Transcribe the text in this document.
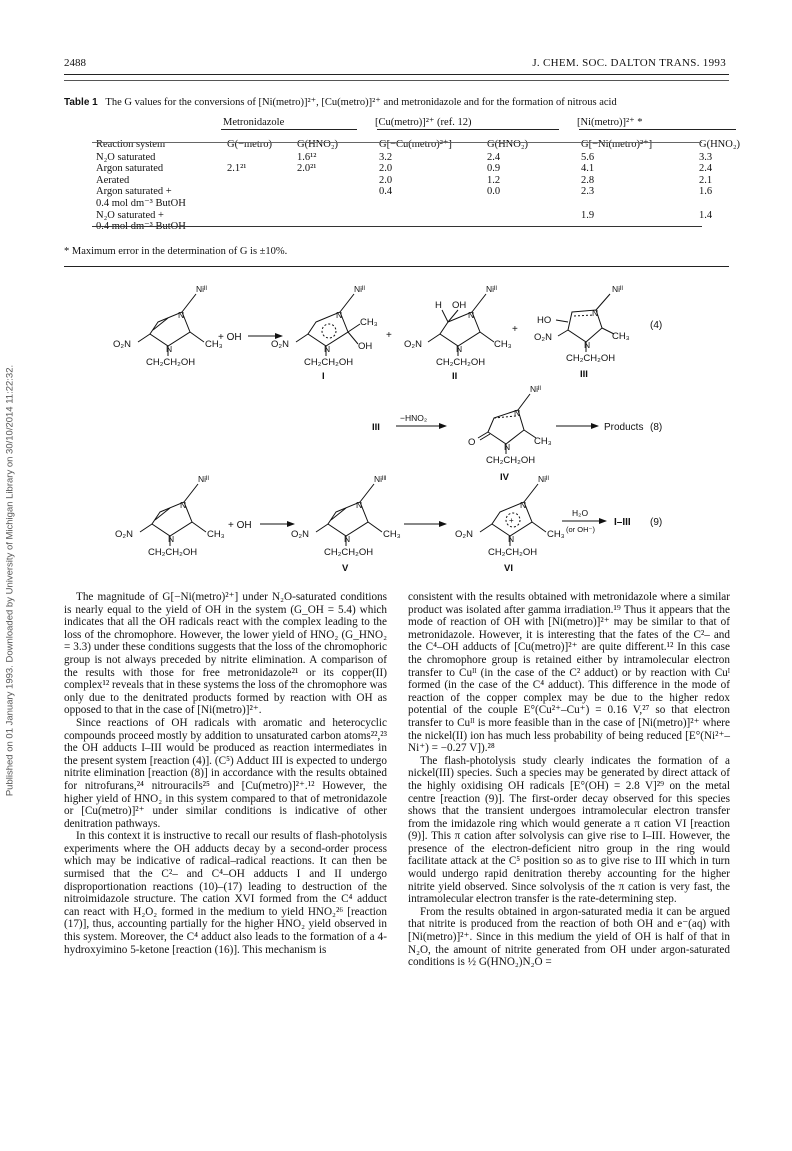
2488	J. CHEM. SOC. DALTON TRANS. 1993
Published on 01 January 1993. Downloaded by University of Michigan Library on 30/10/2014 11:22:32.
Table 1 The G values for the conversions of [Ni(metro)]²⁺, [Cu(metro)]²⁺ and metronidazole and for the formation of nitrous acid
	Metronidazole		[Cu(metro)]²⁺ (ref. 12)		[Ni(metro)]²⁺ *	

Reaction system	G(−metro)	G(HNO₂)	G[−Cu(metro)²⁺]	G(HNO₂)	G[−Ni(metro)²⁺]	G(HNO₂)
N₂O saturated		1.6¹²	3.2	2.4	5.6	3.3
Argon saturated	2.1²¹	2.0²¹	2.0	0.9	4.1	2.4
Aerated			2.0	1.2	2.8	2.1
Argon saturated +			0.4	0.0	2.3	1.6
0.4 mol dm⁻³ ButOH						
N₂O saturated +					1.9	1.4
0.4 mol dm⁻³ ButOH						
* Maximum error in the determination of G is ±10%.
Niᴵᴵ
N
N	CH₃
O₂N
CH₂CH₂OH
+ OH
Niᴵᴵ
N
N
CH₃
OH
O₂N
CH₂CH₂OH
I
+
H OH
Niᴵᴵ
N
N	CH₃
O₂N
CH₂CH₂OH
II
+
Niᴵᴵ
N
N
HO
CH₃
O₂N
CH₂CH₂OH
III
(4)
III
−HNO₂
Niᴵᴵ
N
N
O	CH₃
CH₂CH₂OH
IV
Products (8)
Niᴵᴵ
N
N	CH₃
O₂N
CH₂CH₂OH
+ OH
Niᴵᴵᴵ
N
N	CH₃
O₂N
CH₂CH₂OH
V
+
Niᴵᴵ
N
N	CH₃
O₂N
CH₂CH₂OH
VI
H₂O
(or OH⁻)
I–III (9)

The magnitude of G[−Ni(metro)²⁺] under N₂O-saturated conditions is nearly equal to the yield of OH in the system (G_OH = 5.4) which indicates that all the OH radicals react with the complex leading to the loss of the chromophore. However, the lower yield of HNO₂ (G_HNO₂ = 3.3) under these conditions suggests that the loss of the chromophoric group is not always preceded by nitrite elimination. A comparison of the results with those for free metronidazole²¹ or its copper(II) complex¹² reveals that in these systems the loss of the chromophore was only due to the denitrated products formed by reaction with OH as opposed to that in the case of [Ni(metro)]²⁺.

Since reactions of OH radicals with aromatic and heterocyclic compounds proceed mostly by addition to unsaturated carbon atoms²²,²³ the OH adducts I–III would be produced as reaction intermediates in the present system [reaction (4)]. (C⁵) Adduct III is expected to undergo nitrite elimination [reaction (8)] in accordance with the results obtained for nitrofurans,²⁴ nitrouracils²⁵ and [Cu(metro)]²⁺.¹² However, the higher yield of HNO₂ in this system compared to that of metronidazole or [Cu(metro)]²⁺ under similar conditions is indicative of other denitration pathways.

In this context it is instructive to recall our results of flash-photolysis experiments where the OH adducts decay by a second-order process which may be indicative of radical–radical reactions. It can then be surmised that the C²– and C⁴–OH adducts I and II undergo disproportionation reactions (10)–(17) leading to destruction of the nitroimidazole structure. The cation XVI formed from the C⁴ adduct can react with H₂O₂ formed in the medium to yield HNO₂²⁶ [reaction (17)], thus, accounting partially for the higher HNO₂ yield observed in this system. Moreover, the C⁴ adduct also leads to the formation of a 4-hydroxyimino 5-ketone [reaction (16)]. This mechanism is

consistent with the results obtained with metronidazole where a similar product was isolated after gamma irradiation.¹⁹ Thus it appears that the mode of reaction of OH with [Ni(metro)]²⁺ may be similar to that of metronidazole. However, it is interesting that the fates of the C²– and the C⁴–OH adducts of [Cu(metro)]²⁺ are quite different.¹² In this case the chromophore group is retained either by intramolecular electron transfer to Cuᴵᴵ (in the case of the C² adduct) or by reaction with Cuᴵ formed (in the case of the C⁴ adduct). This difference in the mode of reaction of the copper complex may be due to the higher redox potential of the couple E°(Cu²⁺–Cu⁺) = 0.16 V,²⁷ so that electron transfer to Cuᴵᴵ is more feasible than in the case of [Ni(metro)]²⁺ where the nickel(II) ion has much less probability of being reduced [E°(Ni²⁺–Ni⁺) = −0.27 V]).²⁸

The flash-photolysis study clearly indicates the formation of a nickel(III) species. Such a species may be generated by direct attack of the highly oxidising OH radicals [E°(OH) = 2.8 V]²⁹ on the metal centre [reaction (9)]. The first-order decay observed for this species shows that the transient undergoes intramolecular electron transfer from the imidazole ring which would generate a π cation VI [reaction (9)]. This π cation after solvolysis can give rise to I–III. However, the presence of the electron-deficient nitro group in the ring would facilitate attack at the C⁵ position so as to give rise to III which in turn would undergo rapid denitration thereby accounting for the higher nitrite yield observed. Since solvolysis of the π cation is very fast, the intramolecular electron transfer is the rate-determining step.

From the results obtained in argon-saturated media it can be argued that nitrite is produced from the reaction of both OH and e⁻(aq) with [Ni(metro)]²⁺. Since in this medium the yield of OH is half of that in N₂O, the amount of nitrite generated from OH under argon-saturated conditions is ½ G(HNO₂)N₂O =
